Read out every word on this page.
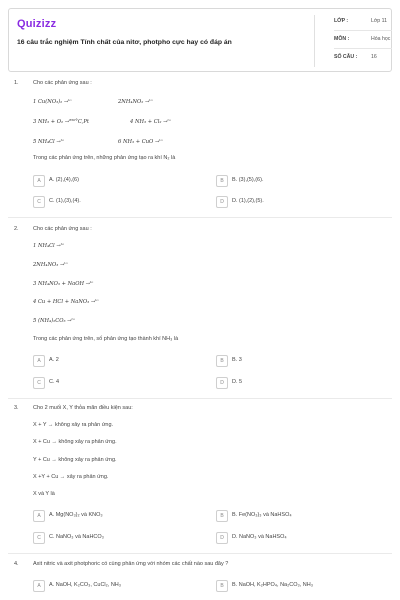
Quizizz
16 câu trắc nghiệm Tính chất của nitơ, photpho cực hay có đáp án
LỚP :	Lớp 11
MÔN :	Hóa học
SỐ CÂU :	16
1.	Cho các phản ứng sau :
1 Cu(NO₃)₂ →ᵗᵒ	2NH₄NO₂ →ᵗᵒ
3 NH₃ + O₂ →⁸⁵⁰°C,Pt	4 NH₃ + Cl₂ →ᵗᵒ
5 NH₄Cl →ᵗᵒ	6 NH₃ + CuO →ᵗᵒ
Trong các phản ứng trên, những phản ứng tạo ra khí N₂ là
A	A. (2),(4),(6)	B	B. (3),(5),(6).
C	C. (1),(3),(4).	D	D. (1),(2),(5).
2.	Cho các phản ứng sau :
1 NH₄Cl →ᵗᵒ
2NH₄NO₃ →ᵗᵒ
3 NH₄NO₃ + NaOH →ᵗᵒ
4 Cu + HCl + NaNO₃ →ᵗᵒ
5 (NH₄)₂CO₃ →ᵗᵒ
Trong các phản ứng trên, số phản ứng tạo thành khí NH₃ là
A	A. 2	B	B. 3
C	C. 4	D	D. 5
3.	Cho 2 muối X, Y thỏa mãn điều kiện sau:
X + Y → không xảy ra phản ứng.
X + Cu → không xảy ra phản ứng.
Y + Cu → không xảy ra phản ứng.
X +Y + Cu → xảy ra phản ứng.
X và Y là
A	A. Mg(NO₃)₂ và KNO₃	B	B. Fe(NO₃)₃ và NaHSO₄
C	C. NaNO₃ và NaHCO₃	D	D. NaNO₃ và NaHSO₄
4.	Axit nitric và axit photphoric có cùng phản ứng với nhóm các chất nào sau đây ?
A	A. NaOH, K₂CO₃, CuCl₂, NH₃	B	B. NaOH, K₂HPO₄, Na₂CO₃, NH₃
